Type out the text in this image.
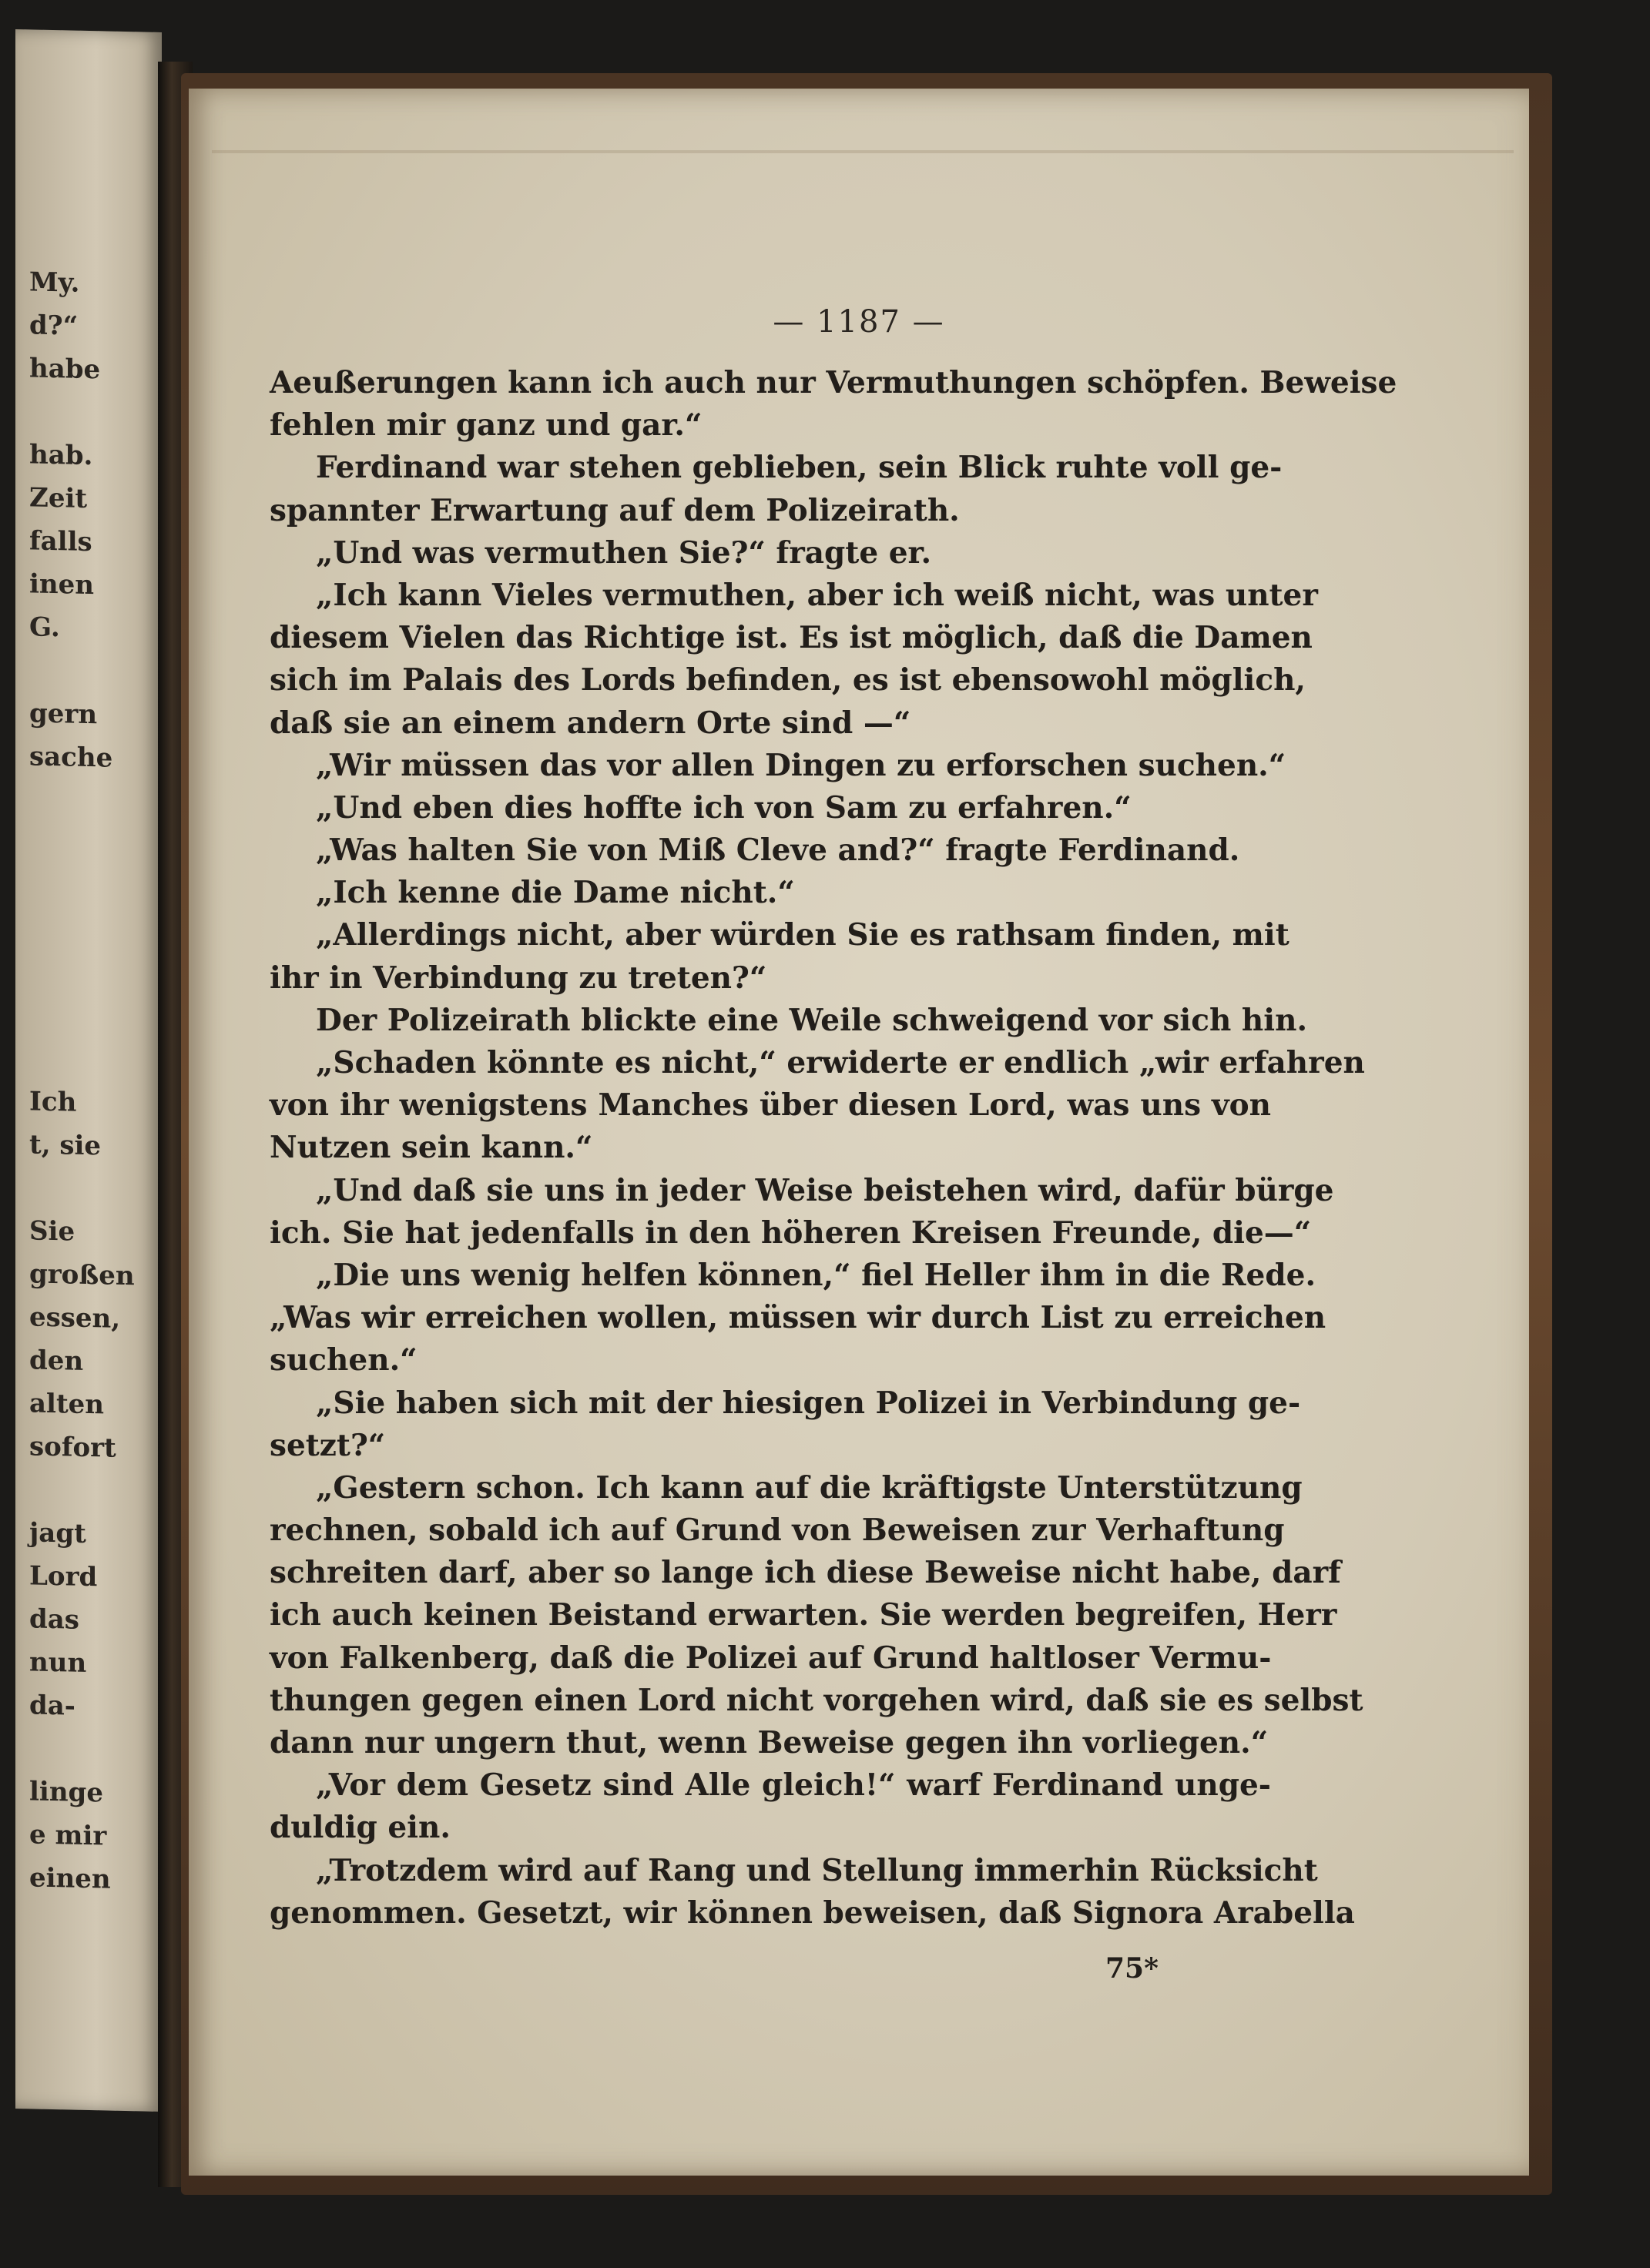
My.
d?“
habe
hab.
Zeit
falls
inen
G.
gern
sache
Ich
t, sie
Sie
großen
essen,
den
alten
sofort
jagt
Lord
das
nun
da-
linge
e mir
einen
— 1187 —
Aeußerungen kann ich auch nur Vermuthungen schöpfen. Beweise
fehlen mir ganz und gar.“
Ferdinand war stehen geblieben, sein Blick ruhte voll ge-
spannter Erwartung auf dem Polizeirath.
„Und was vermuthen Sie?“ fragte er.
„Ich kann Vieles vermuthen, aber ich weiß nicht, was unter
diesem Vielen das Richtige ist. Es ist möglich, daß die Damen
sich im Palais des Lords befinden, es ist ebensowohl möglich,
daß sie an einem andern Orte sind —“
„Wir müssen das vor allen Dingen zu erforschen suchen.“
„Und eben dies hoffte ich von Sam zu erfahren.“
„Was halten Sie von Miß Cleve and?“ fragte Ferdinand.
„Ich kenne die Dame nicht.“
„Allerdings nicht, aber würden Sie es rathsam finden, mit
ihr in Verbindung zu treten?“
Der Polizeirath blickte eine Weile schweigend vor sich hin.
„Schaden könnte es nicht,“ erwiderte er endlich „wir erfahren
von ihr wenigstens Manches über diesen Lord, was uns von
Nutzen sein kann.“
„Und daß sie uns in jeder Weise beistehen wird, dafür bürge
ich. Sie hat jedenfalls in den höheren Kreisen Freunde, die—“
„Die uns wenig helfen können,“ fiel Heller ihm in die Rede.
„Was wir erreichen wollen, müssen wir durch List zu erreichen
suchen.“
„Sie haben sich mit der hiesigen Polizei in Verbindung ge-
setzt?“
„Gestern schon. Ich kann auf die kräftigste Unterstützung
rechnen, sobald ich auf Grund von Beweisen zur Verhaftung
schreiten darf, aber so lange ich diese Beweise nicht habe, darf
ich auch keinen Beistand erwarten. Sie werden begreifen, Herr
von Falkenberg, daß die Polizei auf Grund haltloser Vermu-
thungen gegen einen Lord nicht vorgehen wird, daß sie es selbst
dann nur ungern thut, wenn Beweise gegen ihn vorliegen.“
„Vor dem Gesetz sind Alle gleich!“ warf Ferdinand unge-
duldig ein.
„Trotzdem wird auf Rang und Stellung immerhin Rücksicht
genommen. Gesetzt, wir können beweisen, daß Signora Arabella
75*
